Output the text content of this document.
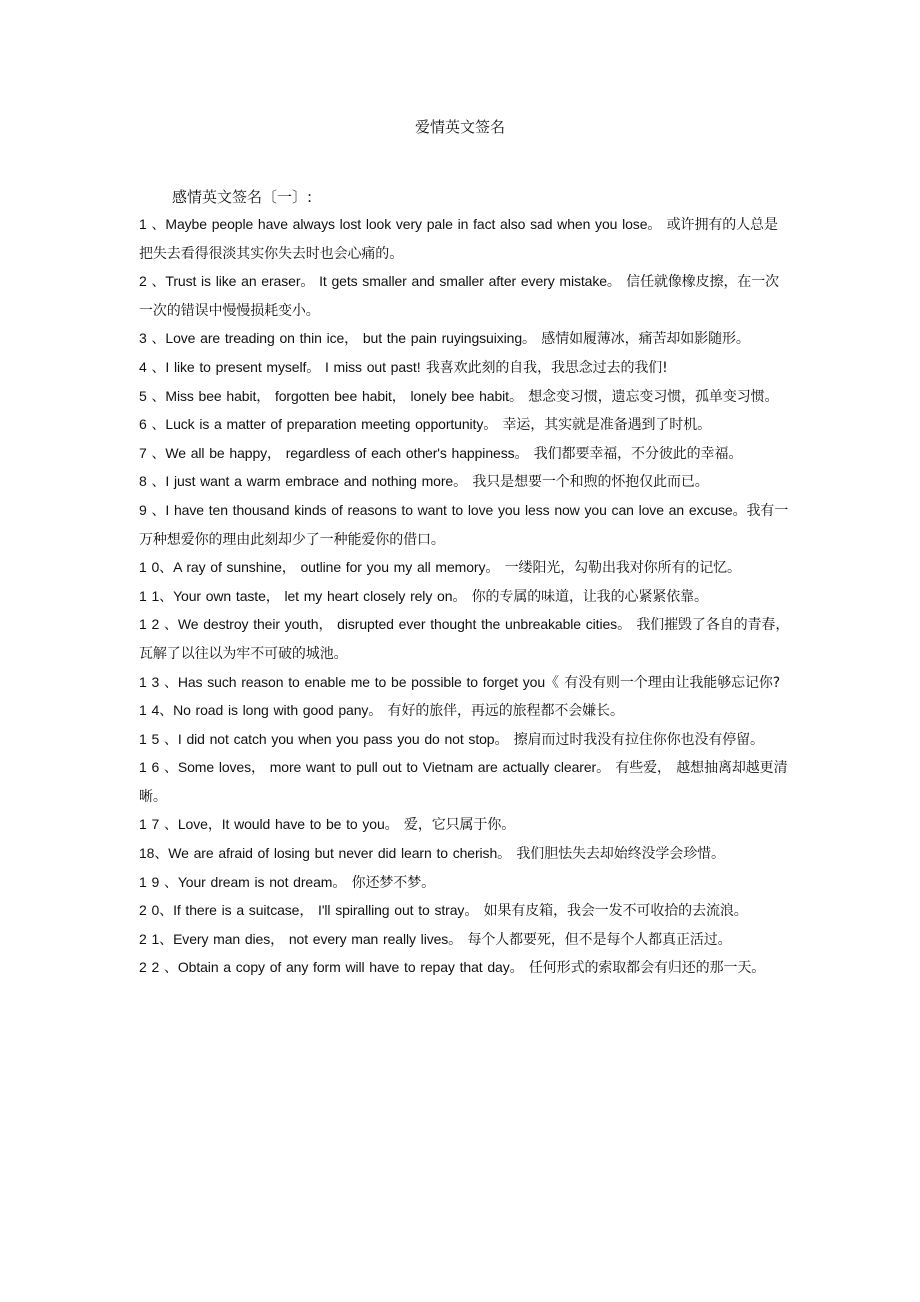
爱情英文签名
感情英文签名〔一〕:
1 、Maybe people have always lost look very pale in fact also sad when you lose。 或许拥有的人总是把失去看得很淡其实你失去时也会心痛的。
2 、Trust is like an eraser。 It gets smaller and smaller after every mistake。 信任就像橡皮擦，在一次一次的错误中慢慢损耗变小。
3 、Love are treading on thin ice， but the pain ruyingsuixing。 感情如履薄冰，痛苦却如影随形。
4 、I like to present myself。 I miss out past! 我喜欢此刻的自我，我思念过去的我们!
5 、Miss bee habit， forgotten bee habit， lonely bee habit。 想念变习惯，遗忘变习惯，孤单变习惯。
6 、Luck is a matter of preparation meeting opportunity。 幸运，其实就是准备遇到了时机。
7 、We all be happy， regardless of each other's happiness。 我们都要幸福，不分彼此的幸福。
8 、I just want a warm embrace and nothing more。 我只是想要一个和煦的怀抱仅此而已。
9 、I have ten thousand kinds of reasons to want to love you less now you can love an excuse。我有一万种想爱你的理由此刻却少了一种能爱你的借口。
1 0、A ray of sunshine， outline for you my all memory。 一缕阳光，勾勒出我对你所有的记忆。
1 1、Your own taste， let my heart closely rely on。 你的专属的味道，让我的心紧紧依靠。
1 2 、We destroy their youth， disrupted ever thought the unbreakable cities。 我们摧毁了各自的青春，瓦解了以往以为牢不可破的城池。
1 3 、Has such reason to enable me to be possible to forget you《 有没有则一个理由让我能够忘记你?
1 4、No road is long with good pany。 有好的旅伴，再远的旅程都不会嫌长。
1 5 、I did not catch you when you pass you do not stop。 擦肩而过时我没有拉住你你也没有停留。
1 6 、Some loves， more want to pull out to Vietnam are actually clearer。 有些爱， 越想抽离却越更清晰。
1 7 、Love，It would have to be to you。 爱，它只属于你。
18、We are afraid of losing but never did learn to cherish。 我们胆怯失去却始终没学会珍惜。
1 9 、Your dream is not dream。 你还梦不梦。
2 0、If there is a suitcase， I'll spiralling out to stray。 如果有皮箱，我会一发不可收拾的去流浪。
2 1、Every man dies， not every man really lives。 每个人都要死，但不是每个人都真正活过。
2 2 、Obtain a copy of any form will have to repay that day。 任何形式的索取都会有归还的那一天。
